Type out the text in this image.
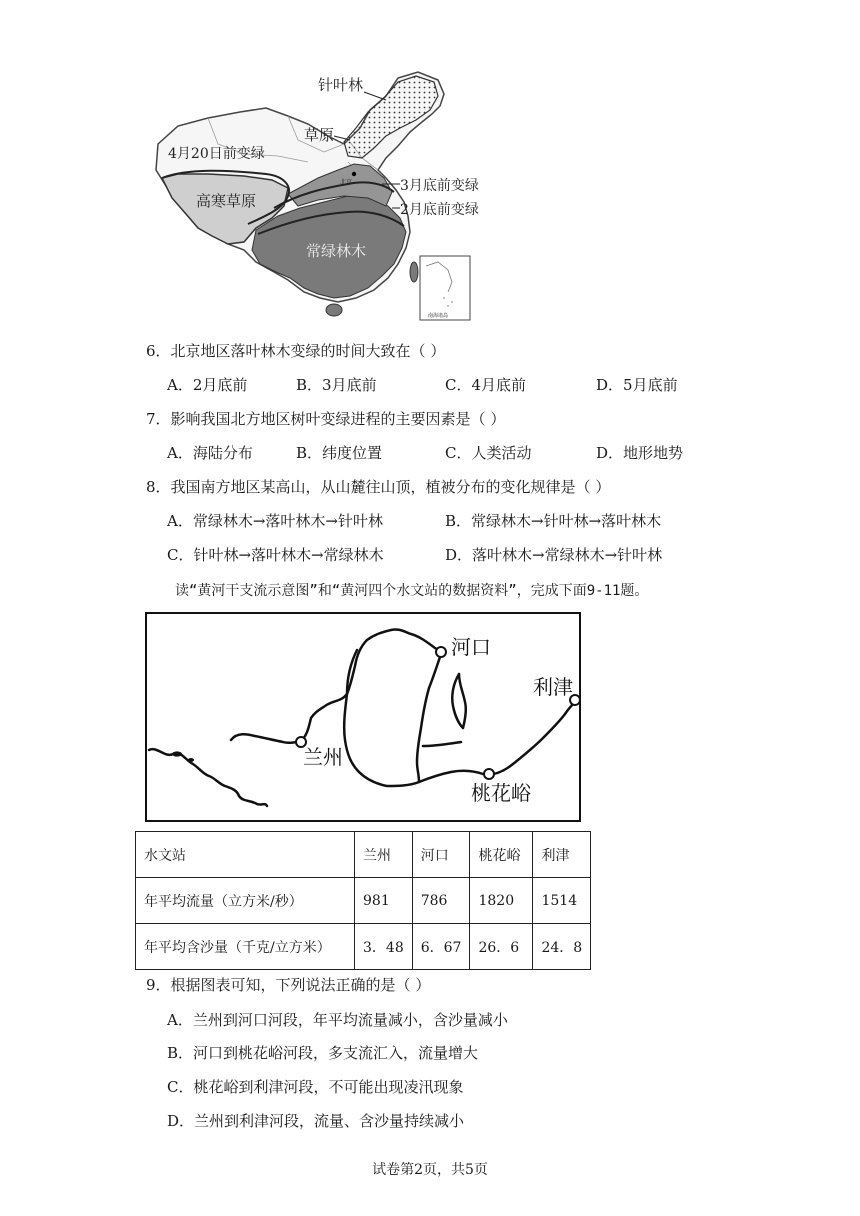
针叶林
草原
4月20日前变绿
高寒草原
3月底前变绿
2月底前变绿
常绿林木
北京
南海诸岛
6．北京地区落叶林木变绿的时间大致在（ ）
A．2月底前	B．3月底前	C．4月底前	D．5月底前
7．影响我国北方地区树叶变绿进程的主要因素是（ ）
A．海陆分布	B．纬度位置	C．人类活动	D．地形地势
8．我国南方地区某高山，从山麓往山顶，植被分布的变化规律是（ ）
A．常绿林木→落叶林木→针叶林	B．常绿林木→针叶林→落叶林木
C．针叶林→落叶林木→常绿林木	D．落叶林木→常绿林木→针叶林
读“黄河干支流示意图”和“黄河四个水文站的数据资料”，完成下面9-11题。
河口
利津
兰州
桃花峪
水文站	兰州	河口	桃花峪	利津
年平均流量（立方米/秒）	981	786	1820	1514
年平均含沙量（千克/立方米）	3．48	6．67	26．6	24．8
9．根据图表可知，下列说法正确的是（ ）
A．兰州到河口河段，年平均流量减小，含沙量减小
B．河口到桃花峪河段，多支流汇入，流量增大
C．桃花峪到利津河段，不可能出现凌汛现象
D．兰州到利津河段，流量、含沙量持续减小
试卷第2页，共5页
